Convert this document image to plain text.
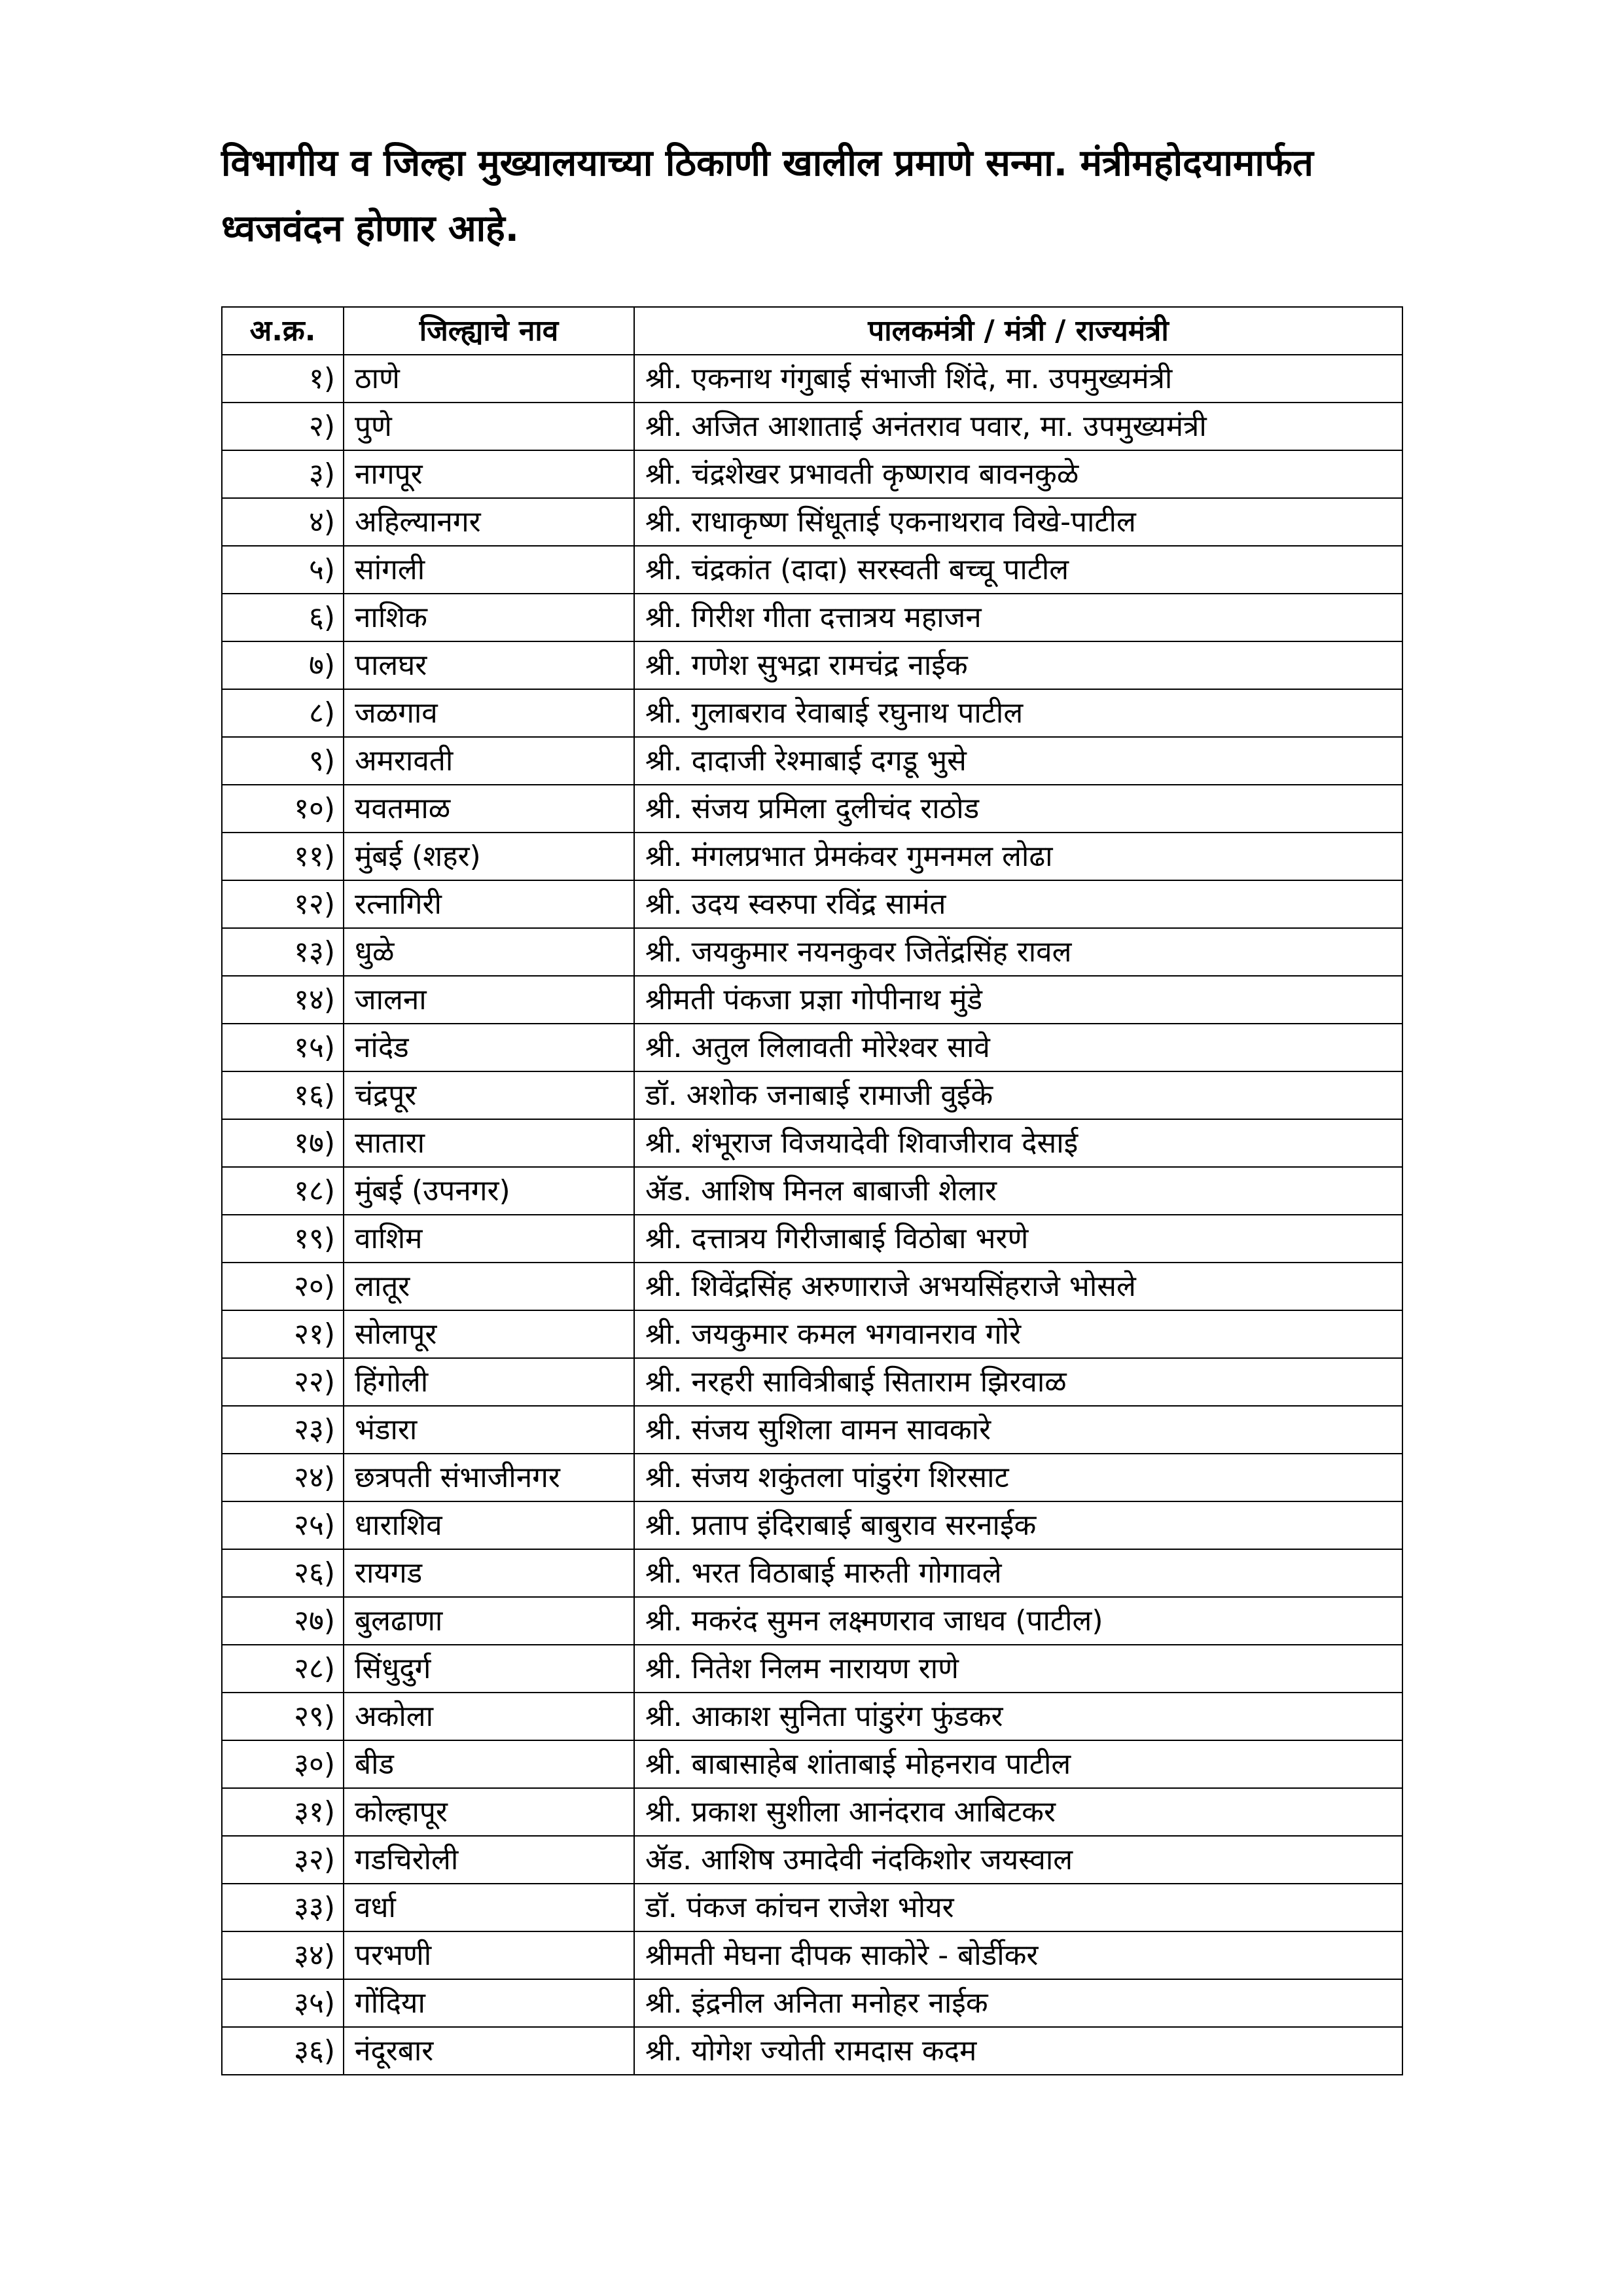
विभागीय व जिल्हा मुख्यालयाच्या ठिकाणी खालील प्रमाणे सन्मा. मंत्रीमहोदयामार्फत ध्वजवंदन होणार आहे.
अ.क्र.	जिल्ह्याचे नाव	पालकमंत्री / मंत्री / राज्यमंत्री
१)	ठाणे	श्री. एकनाथ गंगुबाई संभाजी शिंदे, मा. उपमुख्यमंत्री
२)	पुणे	श्री. अजित आशाताई अनंतराव पवार, मा. उपमुख्यमंत्री
३)	नागपूर	श्री. चंद्रशेखर प्रभावती कृष्णराव बावनकुळे
४)	अहिल्यानगर	श्री. राधाकृष्ण सिंधूताई एकनाथराव विखे-पाटील
५)	सांगली	श्री. चंद्रकांत (दादा) सरस्वती बच्चू पाटील
६)	नाशिक	श्री. गिरीश गीता दत्तात्रय महाजन
७)	पालघर	श्री. गणेश सुभद्रा रामचंद्र नाईक
८)	जळगाव	श्री. गुलाबराव रेवाबाई रघुनाथ पाटील
९)	अमरावती	श्री. दादाजी रेश्माबाई दगडू भुसे
१०)	यवतमाळ	श्री. संजय प्रमिला दुलीचंद राठोड
११)	मुंबई (शहर)	श्री. मंगलप्रभात प्रेमकंवर गुमनमल लोढा
१२)	रत्नागिरी	श्री. उदय स्वरुपा रविंद्र सामंत
१३)	धुळे	श्री. जयकुमार नयनकुवर जितेंद्रसिंह रावल
१४)	जालना	श्रीमती पंकजा प्रज्ञा गोपीनाथ मुंडे
१५)	नांदेड	श्री. अतुल लिलावती मोरेश्वर सावे
१६)	चंद्रपूर	डॉ. अशोक जनाबाई रामाजी वुईके
१७)	सातारा	श्री. शंभूराज विजयादेवी शिवाजीराव देसाई
१८)	मुंबई (उपनगर)	ॲड. आशिष मिनल बाबाजी शेलार
१९)	वाशिम	श्री. दत्तात्रय गिरीजाबाई विठोबा भरणे
२०)	लातूर	श्री. शिवेंद्रसिंह अरुणाराजे अभयसिंहराजे भोसले
२१)	सोलापूर	श्री. जयकुमार कमल भगवानराव गोरे
२२)	हिंगोली	श्री. नरहरी सावित्रीबाई सिताराम झिरवाळ
२३)	भंडारा	श्री. संजय सुशिला वामन सावकारे
२४)	छत्रपती संभाजीनगर	श्री. संजय शकुंतला पांडुरंग शिरसाट
२५)	धाराशिव	श्री. प्रताप इंदिराबाई बाबुराव सरनाईक
२६)	रायगड	श्री. भरत विठाबाई मारुती गोगावले
२७)	बुलढाणा	श्री. मकरंद सुमन लक्ष्मणराव जाधव (पाटील)
२८)	सिंधुदुर्ग	श्री. नितेश निलम नारायण राणे
२९)	अकोला	श्री. आकाश सुनिता पांडुरंग फुंडकर
३०)	बीड	श्री. बाबासाहेब शांताबाई मोहनराव पाटील
३१)	कोल्हापूर	श्री. प्रकाश सुशीला आनंदराव आबिटकर
३२)	गडचिरोली	ॲड. आशिष उमादेवी नंदकिशोर जयस्वाल
३३)	वर्धा	डॉ. पंकज कांचन राजेश भोयर
३४)	परभणी	श्रीमती मेघना दीपक साकोरे - बोर्डीकर
३५)	गोंदिया	श्री. इंद्रनील अनिता मनोहर नाईक
३६)	नंदूरबार	श्री. योगेश ज्योती रामदास कदम
